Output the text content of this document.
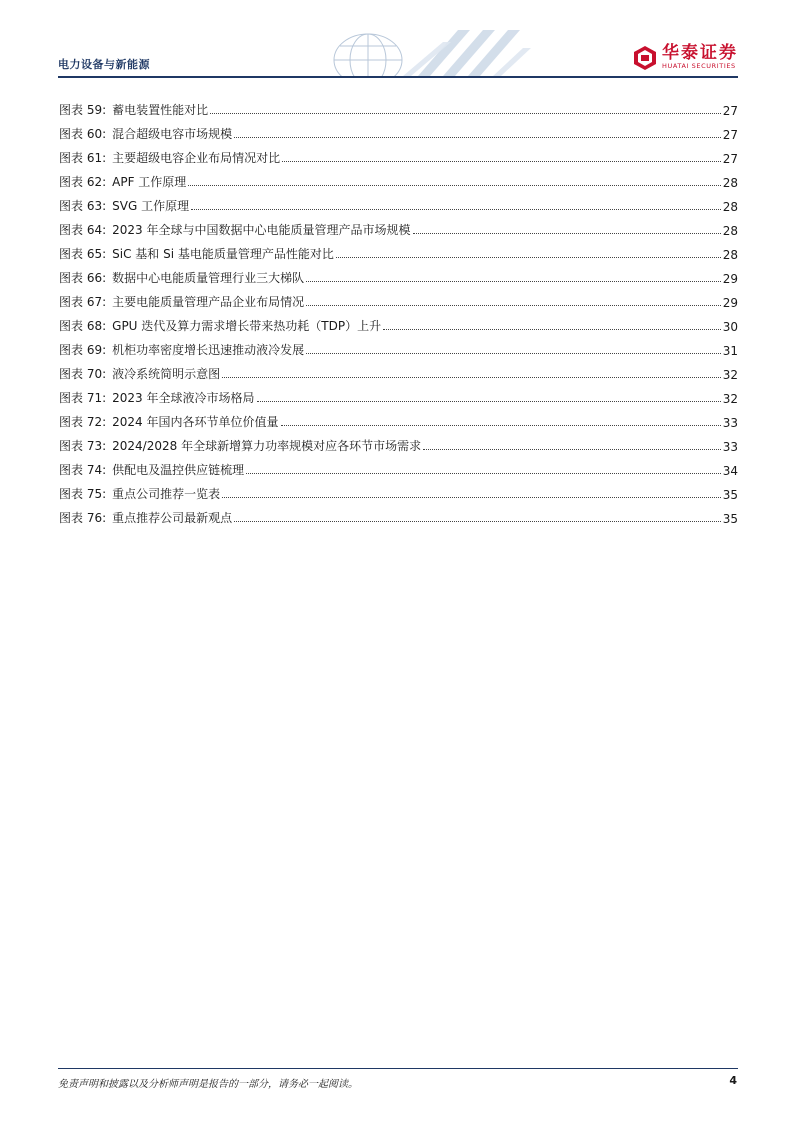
电力设备与新能源
华泰证券
HUATAI SECURITIES
图表 59: 蓄电装置性能对比	27
图表 60: 混合超级电容市场规模	27
图表 61: 主要超级电容企业布局情况对比	27
图表 62: APF 工作原理	28
图表 63: SVG 工作原理	28
图表 64: 2023 年全球与中国数据中心电能质量管理产品市场规模	28
图表 65: SiC 基和 Si 基电能质量管理产品性能对比	28
图表 66: 数据中心电能质量管理行业三大梯队	29
图表 67: 主要电能质量管理产品企业布局情况	29
图表 68: GPU 迭代及算力需求增长带来热功耗（TDP）上升	30
图表 69: 机柜功率密度增长迅速推动液冷发展	31
图表 70: 液冷系统简明示意图	32
图表 71: 2023 年全球液冷市场格局	32
图表 72: 2024 年国内各环节单位价值量	33
图表 73: 2024/2028 年全球新增算力功率规模对应各环节市场需求	33
图表 74: 供配电及温控供应链梳理	34
图表 75: 重点公司推荐一览表	35
图表 76: 重点推荐公司最新观点	35
免责声明和披露以及分析师声明是报告的一部分，请务必一起阅读。	4
